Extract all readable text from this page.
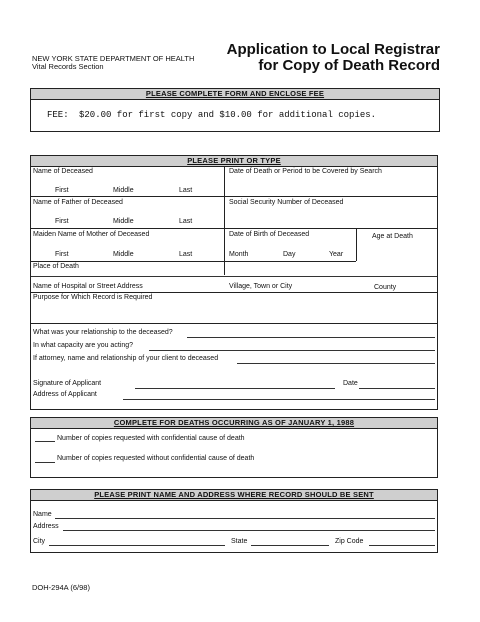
NEW YORK STATE DEPARTMENT OF HEALTH
Vital Records Section
Application to Local Registrar
for Copy of Death Record
PLEASE COMPLETE FORM AND ENCLOSE FEE
FEE: $20.00 for first copy and $10.00 for additional copies.
PLEASE PRINT OR TYPE
Name of Deceased	Date of Death or Period to be Covered by Search
First	Middle	Last
Name of Father of Deceased	Social Security Number of Deceased
First	Middle	Last
Maiden Name of Mother of Deceased	Date of Birth of Deceased	Age at Death
First	Middle	Last	Month	Day	Year
Place of Death
Name of Hospital or Street Address	Village, Town or City	County
Purpose for Which Record is Required
What was your relationship to the deceased?
In what capacity are you acting?
If attorney, name and relationship of your client to deceased
Signature of Applicant	Date
Address of Applicant
COMPLETE FOR DEATHS OCCURRING AS OF JANUARY 1, 1988
Number of copies requested with confidential cause of death
Number of copies requested without confidential cause of death
PLEASE PRINT NAME AND ADDRESS WHERE RECORD SHOULD BE SENT
Name
Address
City	State	Zip Code
DOH-294A (6/98)
